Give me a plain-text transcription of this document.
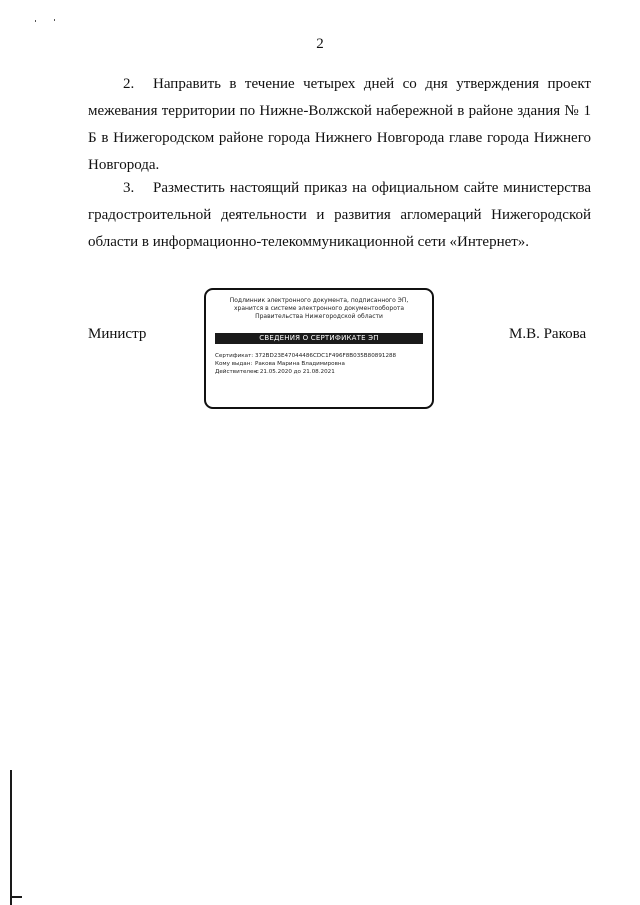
2

2. Направить в течение четырех дней со дня утверждения проект межевания территории по Нижне-Волжской набережной в районе здания № 1 Б в Нижегородском районе города Нижнего Новгорода главе города Нижнего Новгорода.

3. Разместить настоящий приказ на официальном сайте министерства градостроительной деятельности и развития агломераций Нижегородской области в информационно-телекоммуникационной сети «Интернет».

Министр
Подлинник электронного документа, подписанного ЭП,
хранится в системе электронного документооборота
Правительства Нижегородской области
СВЕДЕНИЯ О СЕРТИФИКАТЕ ЭП
Сертификат: 372BD23E47044486CDC1F496F8B035B80891288
Кому выдан: Ракова Марина Владимировна
Действителен:с 21.05.2020 до 21.08.2021
М.В. Ракова
